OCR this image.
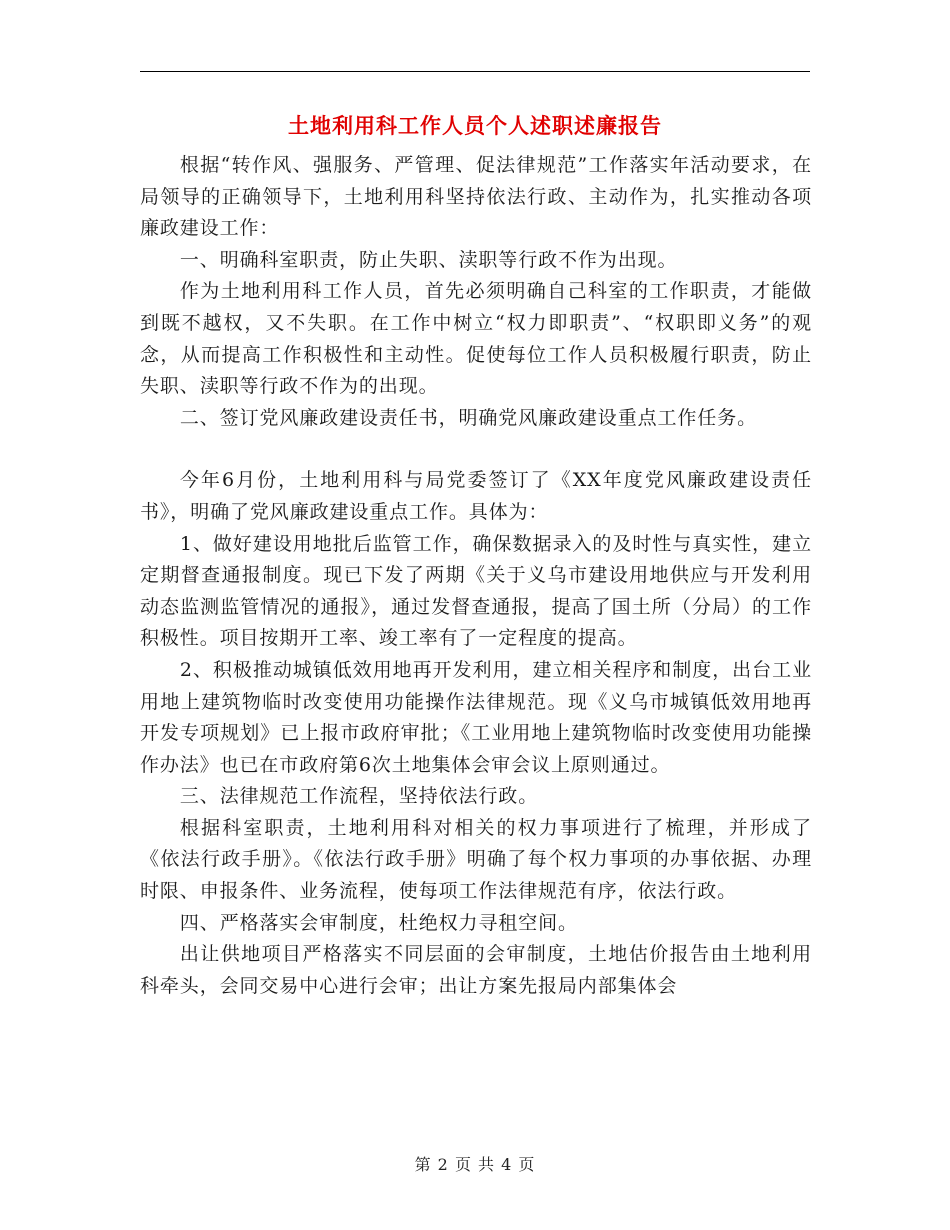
土地利用科工作人员个人述职述廉报告

根据“转作风、强服务、严管理、促法律规范”工作落实年活动要求，在局领导的正确领导下，土地利用科坚持依法行政、主动作为，扎实推动各项廉政建设工作：

一、明确科室职责，防止失职、渎职等行政不作为出现。

作为土地利用科工作人员，首先必须明确自己科室的工作职责，才能做到既不越权，又不失职。在工作中树立“权力即职责”、“权职即义务”的观念，从而提高工作积极性和主动性。促使每位工作人员积极履行职责，防止失职、渎职等行政不作为的出现。

二、签订党风廉政建设责任书，明确党风廉政建设重点工作任务。

今年6月份，土地利用科与局党委签订了《XX年度党风廉政建设责任书》，明确了党风廉政建设重点工作。具体为：

1、做好建设用地批后监管工作，确保数据录入的及时性与真实性，建立定期督查通报制度。现已下发了两期《关于义乌市建设用地供应与开发利用动态监测监管情况的通报》，通过发督查通报，提高了国土所（分局）的工作积极性。项目按期开工率、竣工率有了一定程度的提高。

2、积极推动城镇低效用地再开发利用，建立相关程序和制度，出台工业用地上建筑物临时改变使用功能操作法律规范。现《义乌市城镇低效用地再开发专项规划》已上报市政府审批；《工业用地上建筑物临时改变使用功能操作办法》也已在市政府第6次土地集体会审会议上原则通过。

三、法律规范工作流程，坚持依法行政。

根据科室职责，土地利用科对相关的权力事项进行了梳理，并形成了《依法行政手册》。《依法行政手册》明确了每个权力事项的办事依据、办理时限、申报条件、业务流程，使每项工作法律规范有序，依法行政。

四、严格落实会审制度，杜绝权力寻租空间。

出让供地项目严格落实不同层面的会审制度，土地估价报告由土地利用科牵头，会同交易中心进行会审；出让方案先报局内部集体会

第 2 页 共 4 页
